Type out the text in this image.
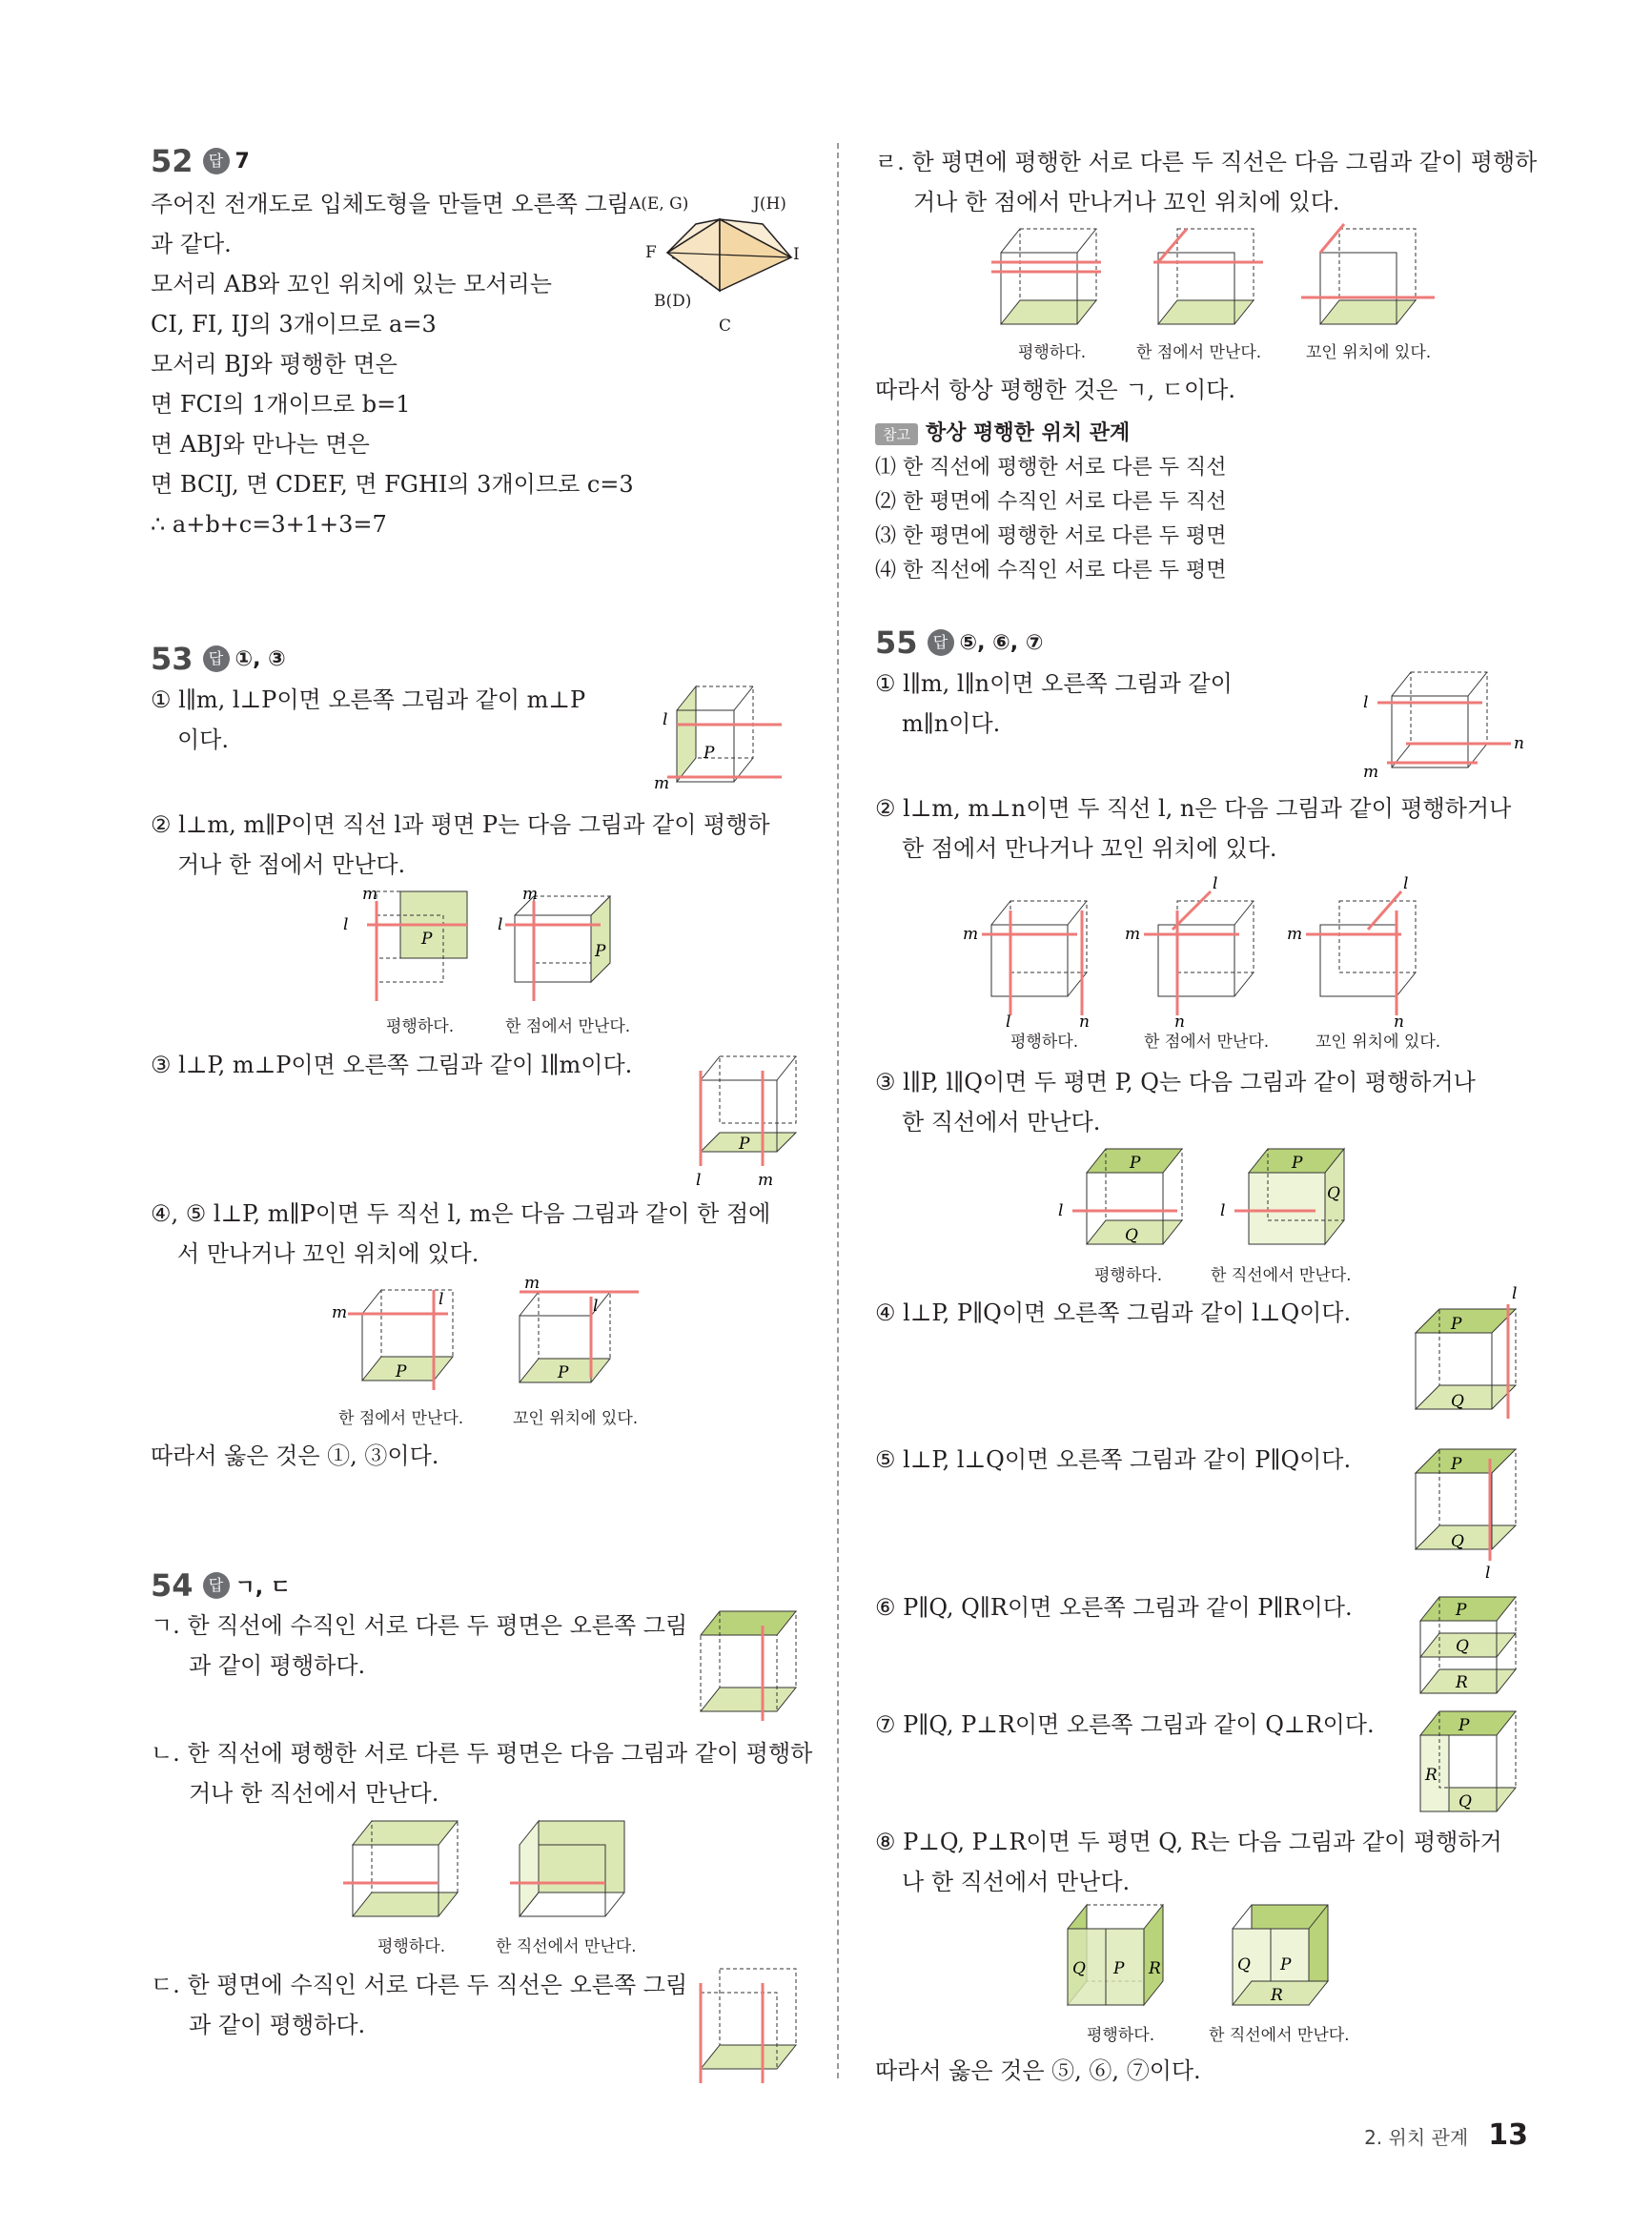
52	답 7
주어진 전개도로 입체도형을 만들면 오른쪽 그림
과 같다.
모서리 AB와 꼬인 위치에 있는 모서리는
CI, FI, IJ의 3개이므로 a=3
모서리 BJ와 평행한 면은
면 FCI의 1개이므로 b=1
면 ABJ와 만나는 면은
면 BCIJ, 면 CDEF, 면 FGHI의 3개이므로 c=3
∴ a+b+c=3+1+3=7
A(E, G)	J(H)
F	I
B(D)
C
53	답 ①, ③
① l∥m, l⊥P이면 오른쪽 그림과 같이 m⊥P
이다.
l
m
P
② l⊥m, m∥P이면 직선 l과 평면 P는 다음 그림과 같이 평행하
거나 한 점에서 만난다.
m
l
P
m
l
P
평행하다.	한 점에서 만난다.
③ l⊥P, m⊥P이면 오른쪽 그림과 같이 l∥m이다.
P
l	m
④, ⑤ l⊥P, m∥P이면 두 직선 l, m은 다음 그림과 같이 한 점에
서 만나거나 꼬인 위치에 있다.
m
l
P
m
l
P
한 점에서 만난다.	꼬인 위치에 있다.
따라서 옳은 것은 ①, ③이다.
54	답 ㄱ, ㄷ
ㄱ. 한 직선에 수직인 서로 다른 두 평면은 오른쪽 그림
과 같이 평행하다.
ㄴ. 한 직선에 평행한 서로 다른 두 평면은 다음 그림과 같이 평행하
거나 한 직선에서 만난다.
평행하다.	한 직선에서 만난다.
ㄷ. 한 평면에 수직인 서로 다른 두 직선은 오른쪽 그림
과 같이 평행하다.
ㄹ. 한 평면에 평행한 서로 다른 두 직선은 다음 그림과 같이 평행하
거나 한 점에서 만나거나 꼬인 위치에 있다.
평행하다.	한 점에서 만난다.	꼬인 위치에 있다.
따라서 항상 평행한 것은 ㄱ, ㄷ이다.
참고 항상 평행한 위치 관계
⑴ 한 직선에 평행한 서로 다른 두 직선
⑵ 한 평면에 수직인 서로 다른 두 직선
⑶ 한 평면에 평행한 서로 다른 두 평면
⑷ 한 직선에 수직인 서로 다른 두 평면
55	답 ⑤, ⑥, ⑦
① l∥m, l∥n이면 오른쪽 그림과 같이
m∥n이다.
l
n
m
② l⊥m, m⊥n이면 두 직선 l, n은 다음 그림과 같이 평행하거나
한 점에서 만나거나 꼬인 위치에 있다.
m
l	n
m
l
n
m
l
n
평행하다.	한 점에서 만난다.	꼬인 위치에 있다.
③ l∥P, l∥Q이면 두 평면 P, Q는 다음 그림과 같이 평행하거나
한 직선에서 만난다.
P
Q
l
P
Q
l
평행하다.	한 직선에서 만난다.
④ l⊥P, P∥Q이면 오른쪽 그림과 같이 l⊥Q이다.	P
Q
l
⑤ l⊥P, l⊥Q이면 오른쪽 그림과 같이 P∥Q이다.	P
Q
l
⑥ P∥Q, Q∥R이면 오른쪽 그림과 같이 P∥R이다.	P
Q
R
⑦ P∥Q, P⊥R이면 오른쪽 그림과 같이 Q⊥R이다.	P
R
Q
⑧ P⊥Q, P⊥R이면 두 평면 Q, R는 다음 그림과 같이 평행하거
나 한 직선에서 만난다.
Q P R	Q P
R
평행하다.	한 직선에서 만난다.
따라서 옳은 것은 ⑤, ⑥, ⑦이다.
2. 위치 관계 13
